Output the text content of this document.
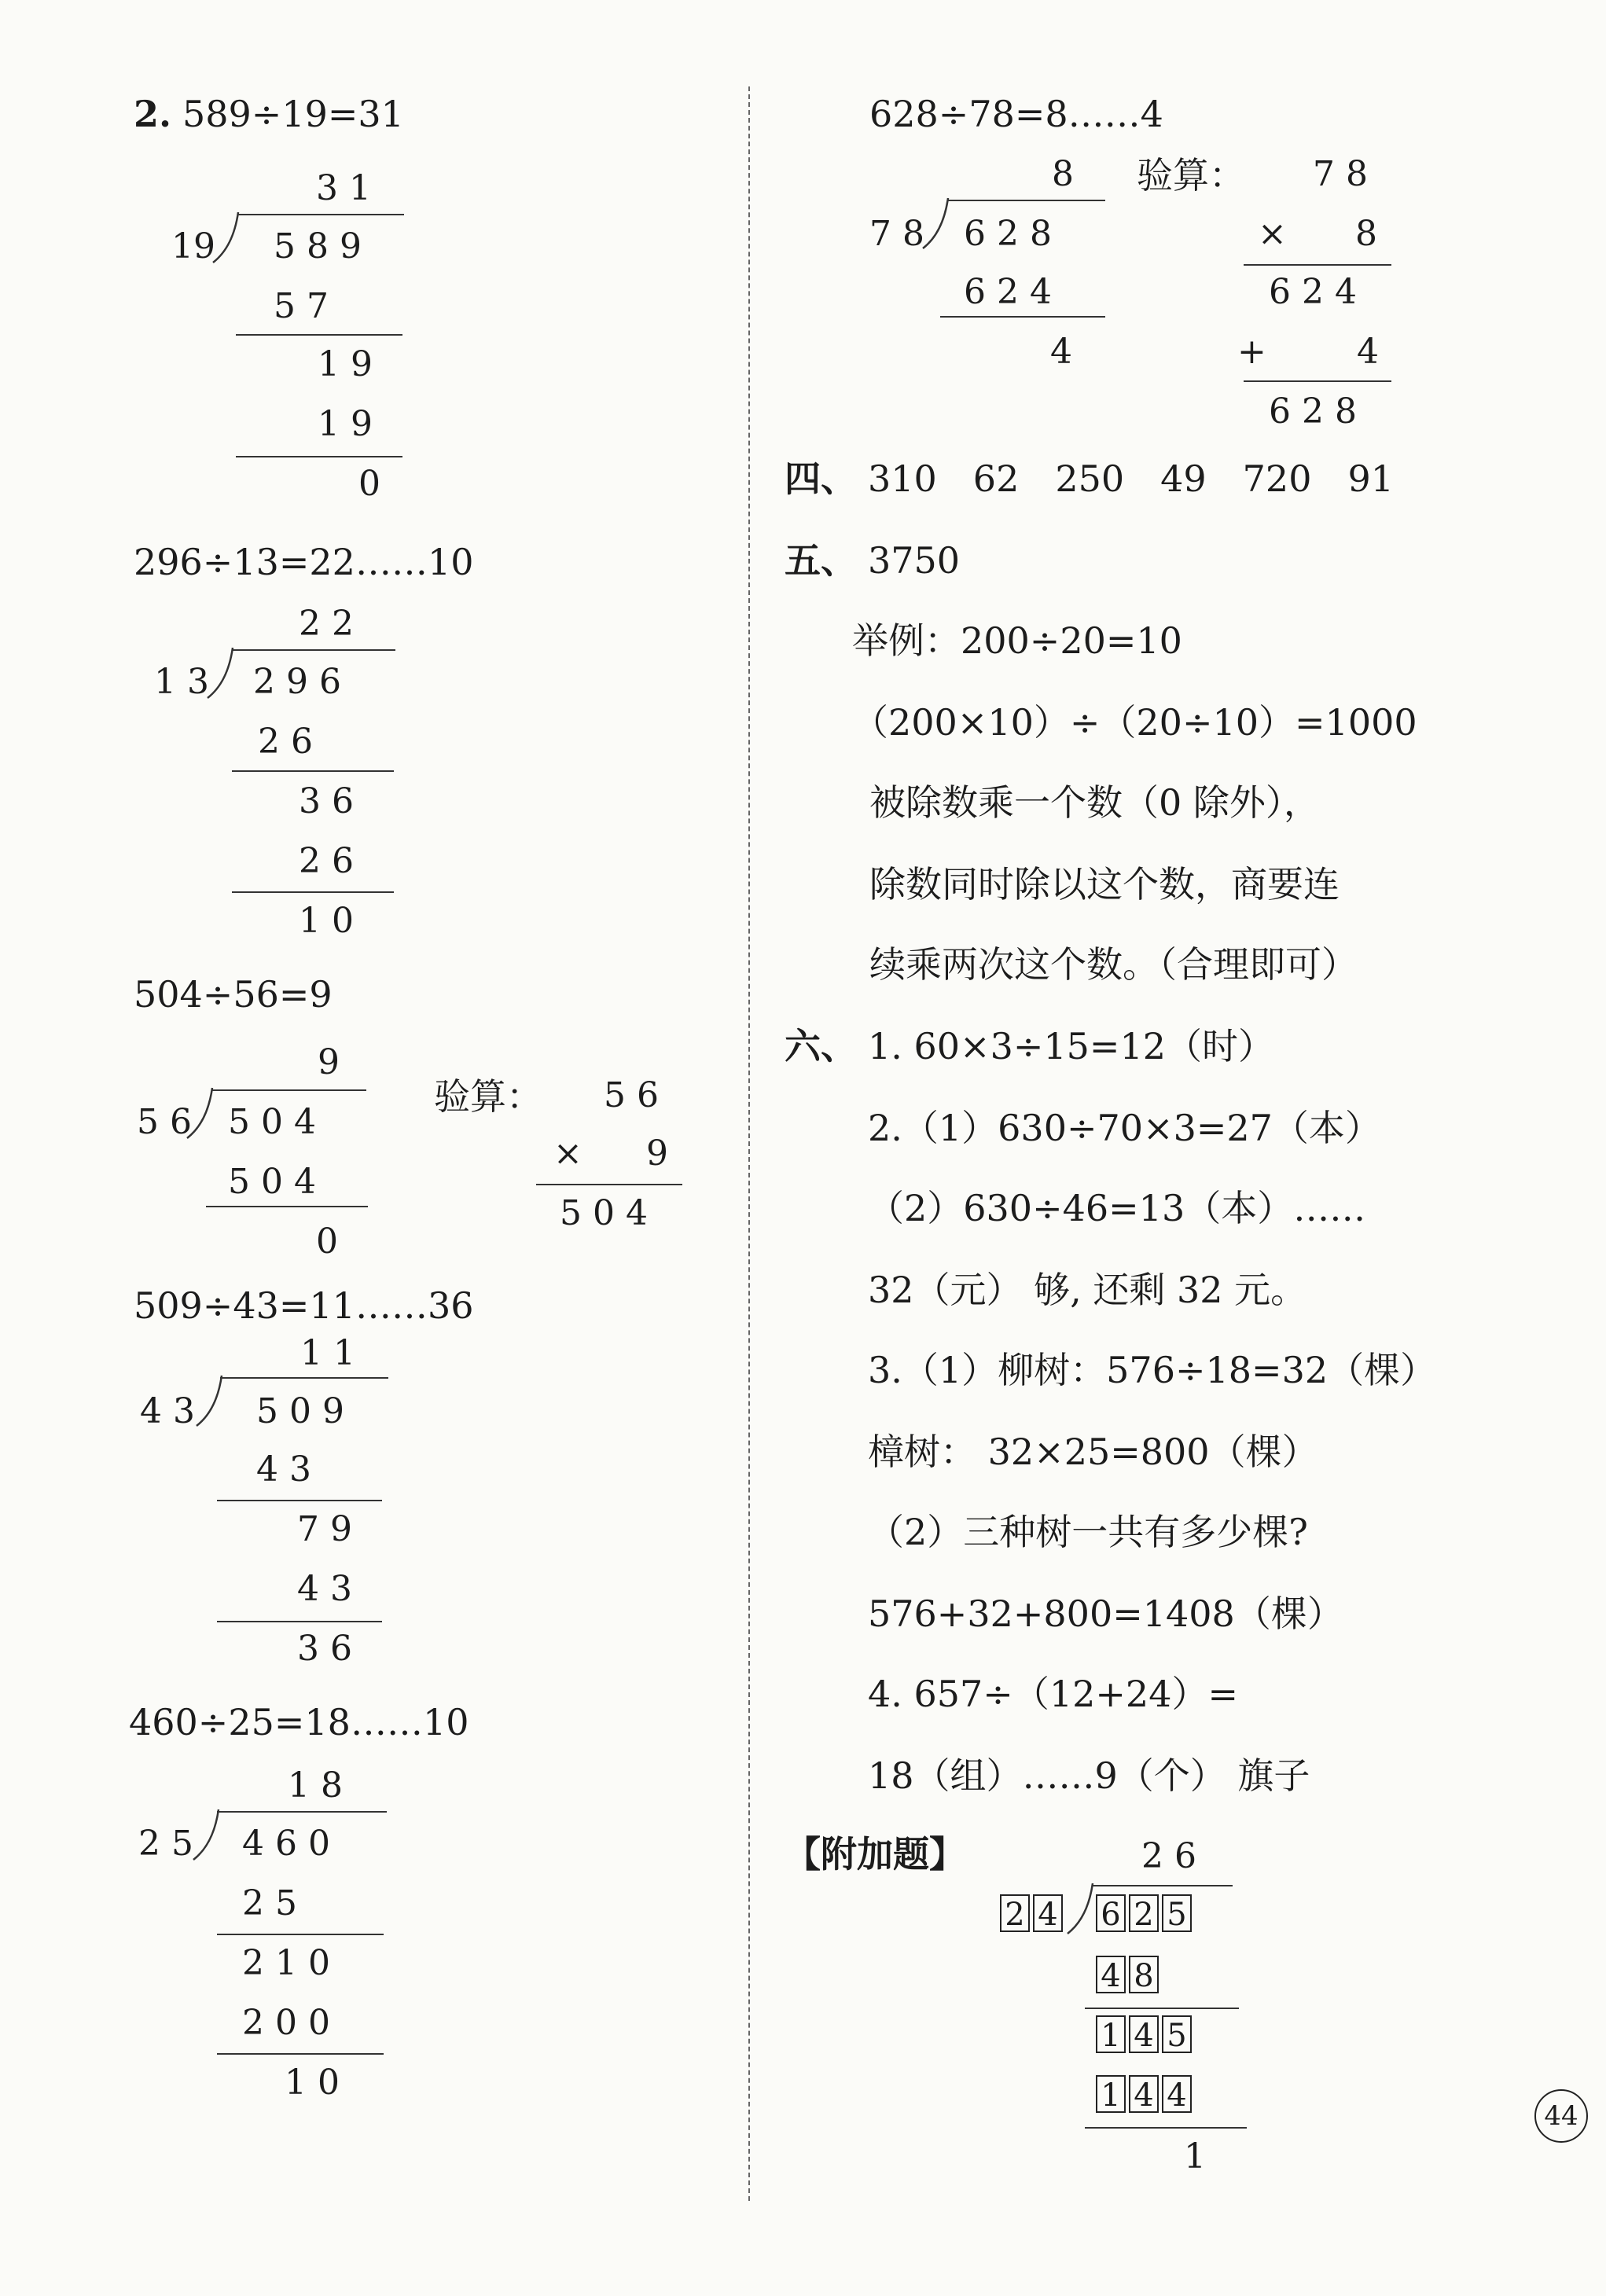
2. 589÷19=31
3 1
19 5 8 9
5 7
1 9
1 9
0
296÷13=22……10
2 2
1 3 2 9 6
2 6
3 6
2 6
1 0
504÷56=9
9
5 6 5 0 4
5 0 4
0
验算： 5 6
× 9
5 0 4
509÷43=11……36
1 1
4 3 5 0 9
4 3
7 9
4 3
3 6
460÷25=18……10
1 8
2 5 4 6 0
2 5
2 1 0
2 0 0
1 0
628÷78=8……4
8
7 8 6 2 8
6 2 4
4
验算： 7 8
× 8
6 2 4
+	4
6 2 8
四、 310　62　250　49　720　91
五、 3750
举例：200÷20=10
（200×10）÷（20÷10）=1000
被除数乘一个数（0 除外），
除数同时除以这个数，商要连
续乘两次这个数。（合理即可）
六、 1. 60×3÷15=12（时）
2.（1）630÷70×3=27（本）
（2）630÷46=13（本）……
32（元） 够, 还剩 32 元。
3.（1）柳树：576÷18=32（棵）
樟树： 32×25=800（棵）
（2）三种树一共有多少棵?
576+32+800=1408（棵）
4. 657÷（12+24）=
18（组）……9（个） 旗子
【附加题】	2 6
2 4 6 2 5
4 8
1 4 5
1 4 4
1
44
